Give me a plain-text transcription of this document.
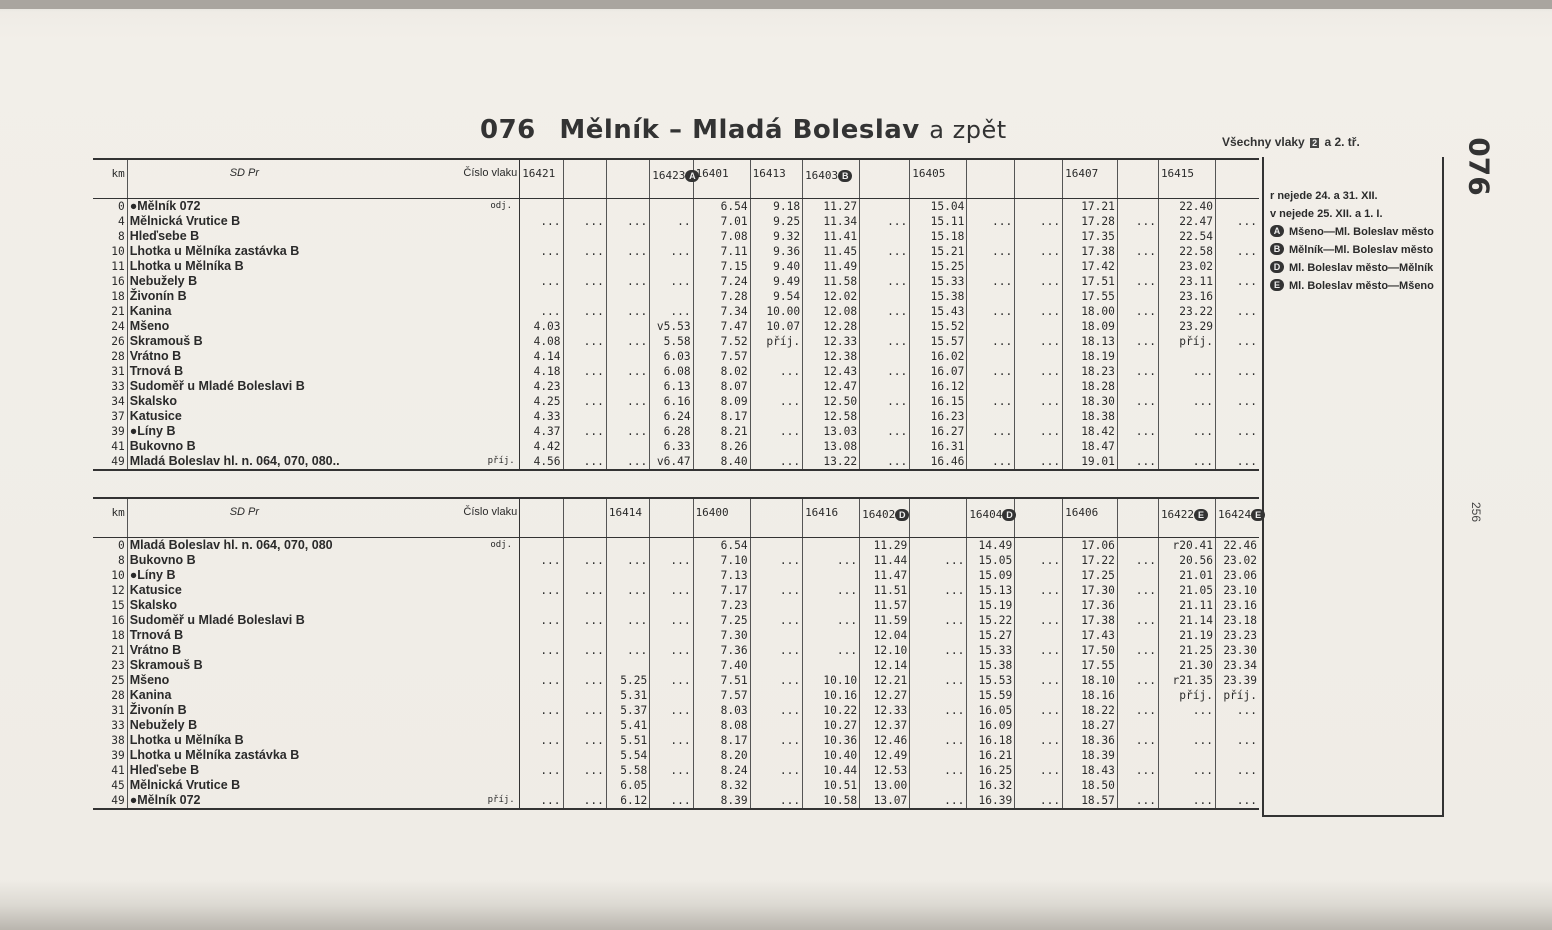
076 Mělník – Mladá Boleslav a zpět	Všechny vlaky 2 a 2. tř.	076
256
km	SD Pr Číslo vlaku		16421			16423 A	16401	16413	16403 B		16405			16407		16415	
0	●Mělník 072	odj.					6.54	9.18	11.27		15.04			17.21		22.40	
4	Mělnická Vrutice B		...	...	...	..	7.01	9.25	11.34	...	15.11	...	...	17.28	...	22.47	...
8	Hleďsebe B						7.08	9.32	11.41		15.18			17.35		22.54	
10	Lhotka u Mělníka zastávka B		...	...	...	...	7.11	9.36	11.45	...	15.21	...	...	17.38	...	22.58	...
11	Lhotka u Mělníka B						7.15	9.40	11.49		15.25			17.42		23.02	
16	Nebužely B		...	...	...	...	7.24	9.49	11.58	...	15.33	...	...	17.51	...	23.11	...
18	Živonín B						7.28	9.54	12.02		15.38			17.55		23.16	
21	Kanina		...	...	...	...	7.34	10.00	12.08	...	15.43	...	...	18.00	...	23.22	...
24	Mšeno		4.03			v5.53	7.47	10.07	12.28		15.52			18.09		23.29	
26	Skramouš B		4.08	...	...	5.58	7.52	příj.	12.33	...	15.57	...	...	18.13	...	příj.	...
28	Vrátno B		4.14			6.03	7.57		12.38		16.02			18.19			
31	Trnová B		4.18	...	...	6.08	8.02	...	12.43	...	16.07	...	...	18.23	...	...	...
33	Sudoměř u Mladé Boleslavi B		4.23			6.13	8.07		12.47		16.12			18.28			
34	Skalsko		4.25	...	...	6.16	8.09	...	12.50	...	16.15	...	...	18.30	...	...	...
37	Katusice		4.33			6.24	8.17		12.58		16.23			18.38			
39	●Líny B		4.37	...	...	6.28	8.21	...	13.03	...	16.27	...	...	18.42	...	...	...
41	Bukovno B		4.42			6.33	8.26		13.08		16.31			18.47			
49	Mladá Boleslav hl. n. 064, 070, 080..	příj.	4.56	...	...	v6.47	8.40	...	13.22	...	16.46	...	...	19.01	...	...	...
km	SD Pr Číslo vlaku				16414		16400		16416	16402 D		16404 D		16406		16422 E	16424 E
0	Mladá Boleslav hl. n. 064, 070, 080	odj.					6.54			11.29		14.49		17.06		r20.41	22.46
8	Bukovno B		...	...	...	...	7.10	...	...	11.44	...	15.05	...	17.22	...	20.56	23.02
10	●Líny B						7.13			11.47		15.09		17.25		21.01	23.06
12	Katusice		...	...	...	...	7.17	...	...	11.51	...	15.13	...	17.30	...	21.05	23.10
15	Skalsko						7.23			11.57		15.19		17.36		21.11	23.16
16	Sudoměř u Mladé Boleslavi B		...	...	...	...	7.25	...	...	11.59	...	15.22	...	17.38	...	21.14	23.18
18	Trnová B						7.30			12.04		15.27		17.43		21.19	23.23
21	Vrátno B		...	...	...	...	7.36	...	...	12.10	...	15.33	...	17.50	...	21.25	23.30
23	Skramouš B						7.40			12.14		15.38		17.55		21.30	23.34
25	Mšeno		...	...	5.25	...	7.51	...	10.10	12.21	...	15.53	...	18.10	...	r21.35	23.39
28	Kanina				5.31		7.57		10.16	12.27		15.59		18.16		příj.	příj.
31	Živonín B		...	...	5.37	...	8.03	...	10.22	12.33	...	16.05	...	18.22	...	...	...
33	Nebužely B				5.41		8.08		10.27	12.37		16.09		18.27			
38	Lhotka u Mělníka B		...	...	5.51	...	8.17	...	10.36	12.46	...	16.18	...	18.36	...	...	...
39	Lhotka u Mělníka zastávka B				5.54		8.20		10.40	12.49		16.21		18.39			
41	Hleďsebe B		...	...	5.58	...	8.24	...	10.44	12.53	...	16.25	...	18.43	...	...	...
45	Mělnická Vrutice B				6.05		8.32		10.51	13.00		16.32		18.50			
49	●Mělník 072	příj.	...	...	6.12	...	8.39	...	10.58	13.07	...	16.39	...	18.57	...	...	...
r nejede 24. a 31. XII.
v nejede 25. XII. a 1. I.
A Mšeno—Ml. Boleslav město
B Mělník—Ml. Boleslav město
D Ml. Boleslav město—Mělník
E Ml. Boleslav město—Mšeno
